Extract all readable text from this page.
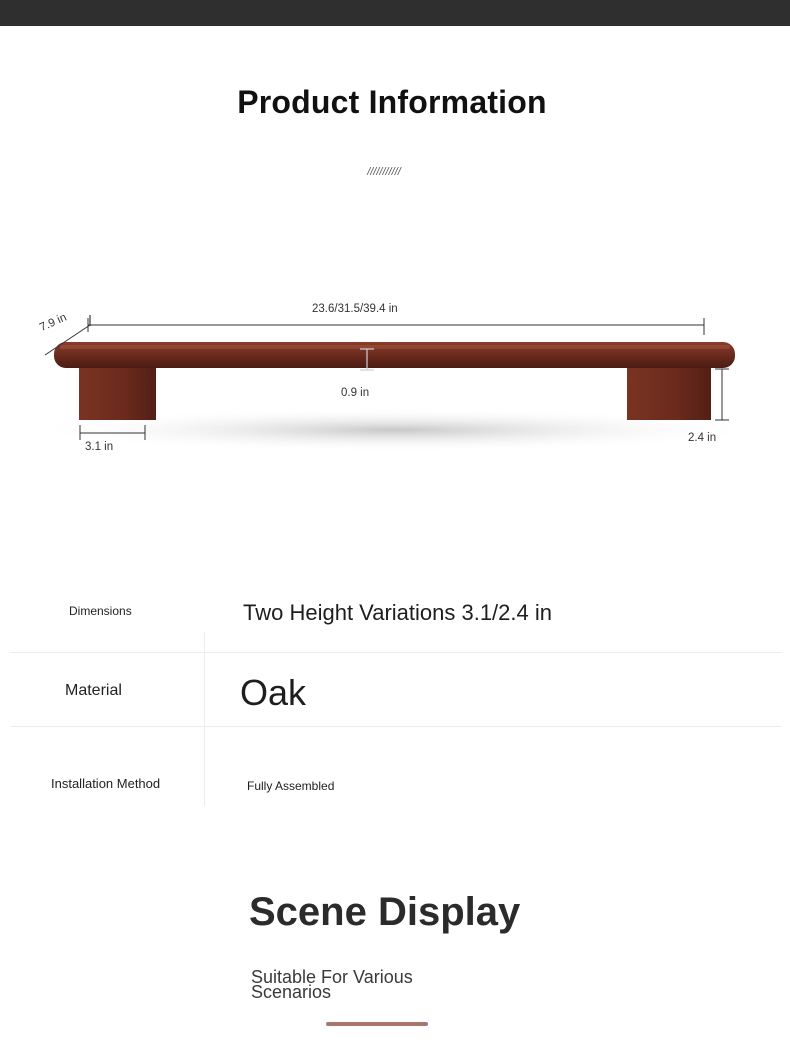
Product Information
///////////
23.6/31.5/39.4 in
7.9 in
0.9 in
3.1 in
2.4 in
Dimensions	Two Height Variations 3.1/2.4 in
Material	Oak
Installation Method	Fully Assembled
Scene Display
Suitable For Various Scenarios
